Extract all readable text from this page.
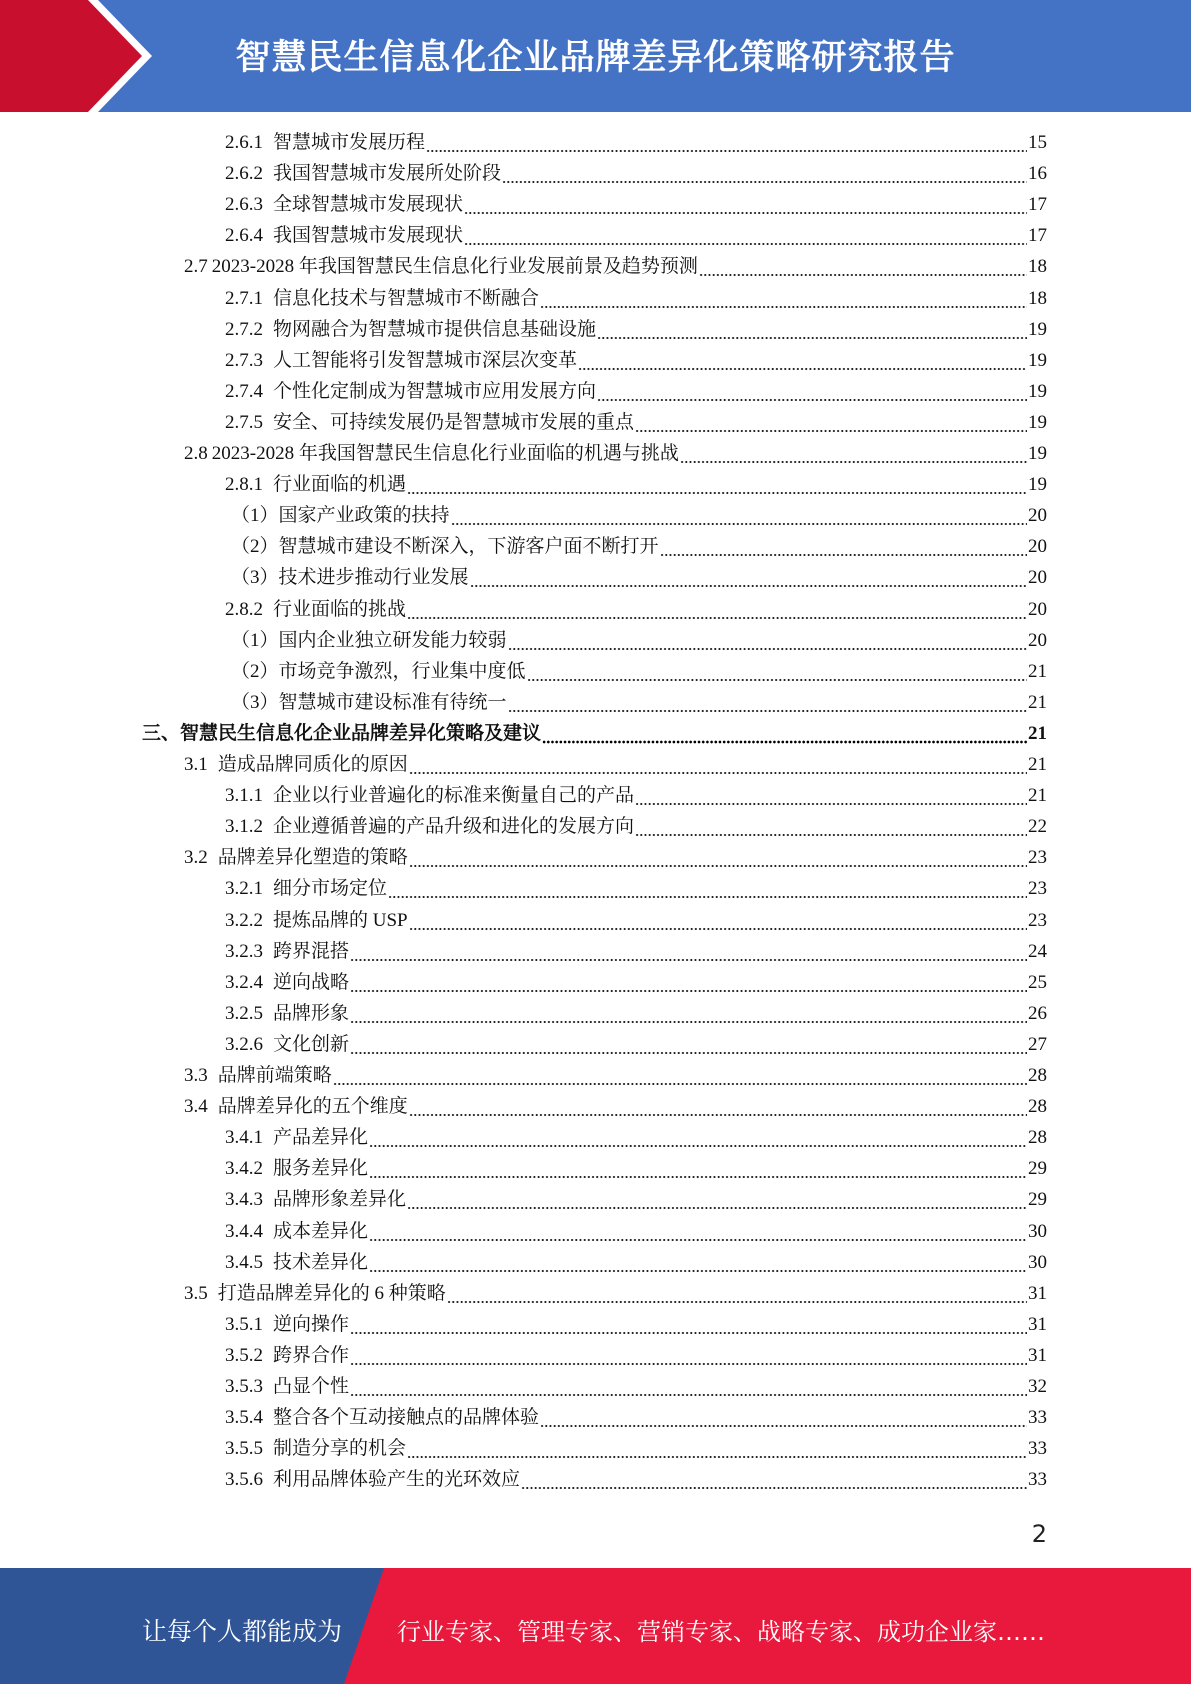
智慧民生信息化企业品牌差异化策略研究报告
2.6.1 智慧城市发展历程	15
2.6.2 我国智慧城市发展所处阶段	16
2.6.3 全球智慧城市发展现状	17
2.6.4 我国智慧城市发展现状	17
2.7 2023-2028 年我国智慧民生信息化行业发展前景及趋势预测	18
2.7.1 信息化技术与智慧城市不断融合	18
2.7.2 物网融合为智慧城市提供信息基础设施	19
2.7.3 人工智能将引发智慧城市深层次变革	19
2.7.4 个性化定制成为智慧城市应用发展方向	19
2.7.5 安全、可持续发展仍是智慧城市发展的重点	19
2.8 2023-2028 年我国智慧民生信息化行业面临的机遇与挑战	19
2.8.1 行业面临的机遇	19
（1）国家产业政策的扶持	20
（2）智慧城市建设不断深入，下游客户面不断打开	20
（3）技术进步推动行业发展	20
2.8.2 行业面临的挑战	20
（1）国内企业独立研发能力较弱	20
（2）市场竞争激烈，行业集中度低	21
（3）智慧城市建设标准有待统一	21
三、智慧民生信息化企业品牌差异化策略及建议	21
3.1 造成品牌同质化的原因	21
3.1.1 企业以行业普遍化的标准来衡量自己的产品	21
3.1.2 企业遵循普遍的产品升级和进化的发展方向	22
3.2 品牌差异化塑造的策略	23
3.2.1 细分市场定位	23
3.2.2 提炼品牌的 USP	23
3.2.3 跨界混搭	24
3.2.4 逆向战略	25
3.2.5 品牌形象	26
3.2.6 文化创新	27
3.3 品牌前端策略	28
3.4 品牌差异化的五个维度	28
3.4.1 产品差异化	28
3.4.2 服务差异化	29
3.4.3 品牌形象差异化	29
3.4.4 成本差异化	30
3.4.5 技术差异化	30
3.5 打造品牌差异化的 6 种策略	31
3.5.1 逆向操作	31
3.5.2 跨界合作	31
3.5.3 凸显个性	32
3.5.4 整合各个互动接触点的品牌体验	33
3.5.5 制造分享的机会	33
3.5.6 利用品牌体验产生的光环效应	33
2
让每个人都能成为 行业专家、管理专家、营销专家、战略专家、成功企业家……
